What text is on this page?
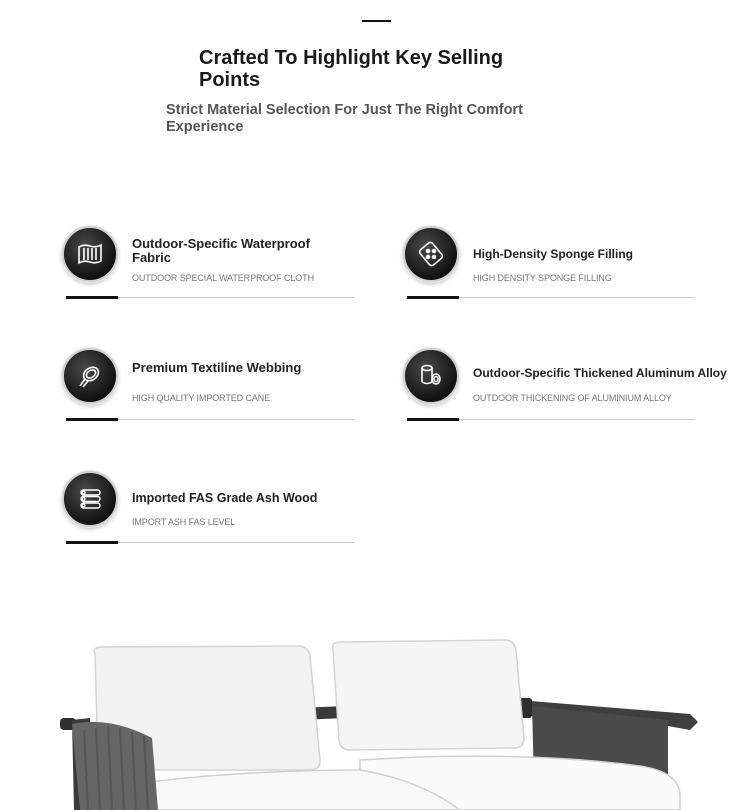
Crafted To Highlight Key Selling Points
Strict Material Selection For Just The Right Comfort Experience
Outdoor-Specific Waterproof Fabric
OUTDOOR SPECIAL WATERPROOF CLOTH
High-Density Sponge Filling
HIGH DENSITY SPONGE FILLING
Premium Textiline Webbing
HIGH QUALITY IMPORTED CANE
Outdoor-Specific Thickened Aluminum Alloy
OUTDOOR THICKENING OF ALUMINIUM ALLOY
Imported FAS Grade Ash Wood
IMPORT ASH FAS LEVEL
